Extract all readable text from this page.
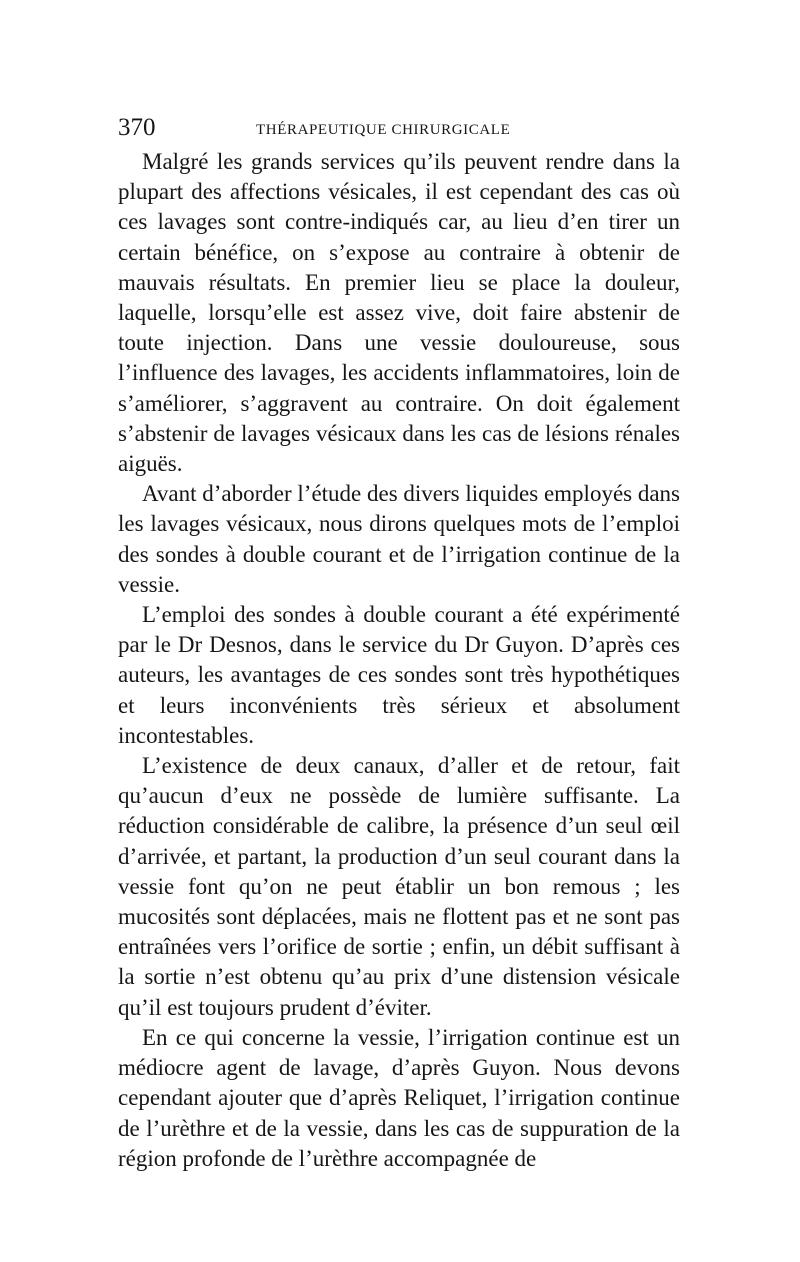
370	THÉRAPEUTIQUE CHIRURGICALE

Malgré les grands services qu’ils peuvent rendre dans la plupart des affections vésicales, il est cependant des cas où ces lavages sont contre-indiqués car, au lieu d’en tirer un certain bénéfice, on s’expose au contraire à obtenir de mauvais résultats. En premier lieu se place la douleur, laquelle, lorsqu’elle est assez vive, doit faire abstenir de toute injection. Dans une vessie douloureuse, sous l’influence des lavages, les accidents inflammatoires, loin de s’améliorer, s’aggravent au contraire. On doit également s’abstenir de lavages vésicaux dans les cas de lésions rénales aiguës.

Avant d’aborder l’étude des divers liquides employés dans les lavages vésicaux, nous dirons quelques mots de l’emploi des sondes à double courant et de l’irrigation continue de la vessie.

L’emploi des sondes à double courant a été expérimenté par le Dr Desnos, dans le service du Dr Guyon. D’après ces auteurs, les avantages de ces sondes sont très hypothétiques et leurs inconvénients très sérieux et absolument incontestables.

L’existence de deux canaux, d’aller et de retour, fait qu’aucun d’eux ne possède de lumière suffisante. La réduction considérable de calibre, la présence d’un seul œil d’arrivée, et partant, la production d’un seul courant dans la vessie font qu’on ne peut établir un bon remous ; les mucosités sont déplacées, mais ne flottent pas et ne sont pas entraînées vers l’orifice de sortie ; enfin, un débit suffisant à la sortie n’est obtenu qu’au prix d’une distension vésicale qu’il est toujours prudent d’éviter.

En ce qui concerne la vessie, l’irrigation continue est un médiocre agent de lavage, d’après Guyon. Nous devons cependant ajouter que d’après Reliquet, l’irrigation continue de l’urèthre et de la vessie, dans les cas de suppuration de la région profonde de l’urèthre accompagnée de
